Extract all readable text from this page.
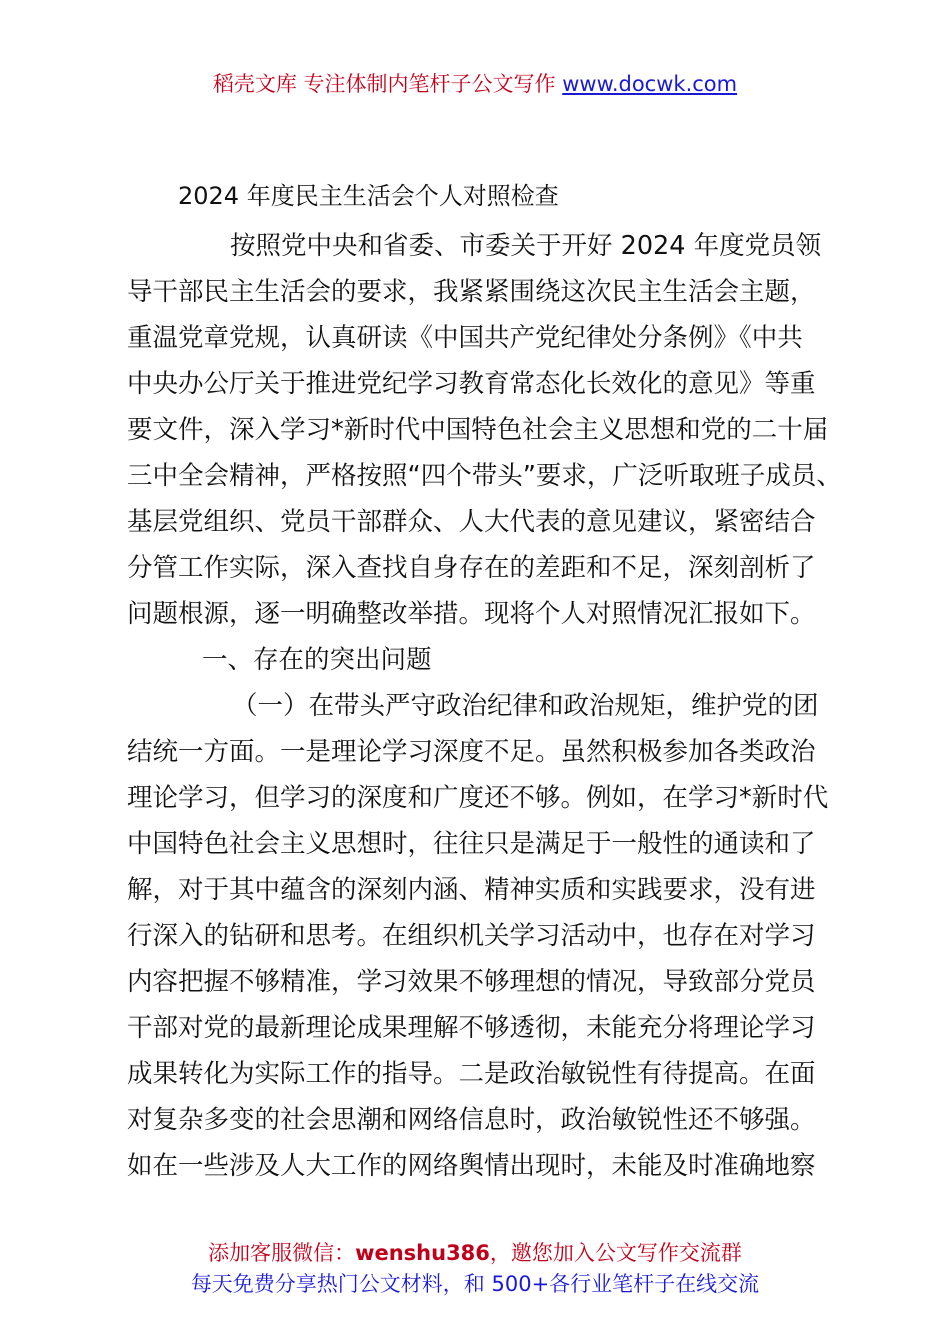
稻壳文库 专注体制内笔杆子公文写作 www.docwk.com
2024 年度民主生活会个人对照检查
按照党中央和省委、市委关于开好 2024 年度党员领
导干部民主生活会的要求，我紧紧围绕这次民主生活会主题，
重温党章党规，认真研读《中国共产党纪律处分条例》《中共
中央办公厅关于推进党纪学习教育常态化长效化的意见》等重
要文件，深入学习*新时代中国特色社会主义思想和党的二十届
三中全会精神，严格按照“四个带头”要求，广泛听取班子成员、
基层党组织、党员干部群众、人大代表的意见建议，紧密结合
分管工作实际，深入查找自身存在的差距和不足，深刻剖析了
问题根源，逐一明确整改举措。现将个人对照情况汇报如下。
一、存在的突出问题
（一）在带头严守政治纪律和政治规矩，维护党的团
结统一方面。一是理论学习深度不足。虽然积极参加各类政治
理论学习，但学习的深度和广度还不够。例如，在学习*新时代
中国特色社会主义思想时，往往只是满足于一般性的通读和了
解，对于其中蕴含的深刻内涵、精神实质和实践要求，没有进
行深入的钻研和思考。在组织机关学习活动中，也存在对学习
内容把握不够精准，学习效果不够理想的情况，导致部分党员
干部对党的最新理论成果理解不够透彻，未能充分将理论学习
成果转化为实际工作的指导。二是政治敏锐性有待提高。在面
对复杂多变的社会思潮和网络信息时，政治敏锐性还不够强。
如在一些涉及人大工作的网络舆情出现时，未能及时准确地察
添加客服微信：wenshu386，邀您加入公文写作交流群
每天免费分享热门公文材料，和 500+各行业笔杆子在线交流
